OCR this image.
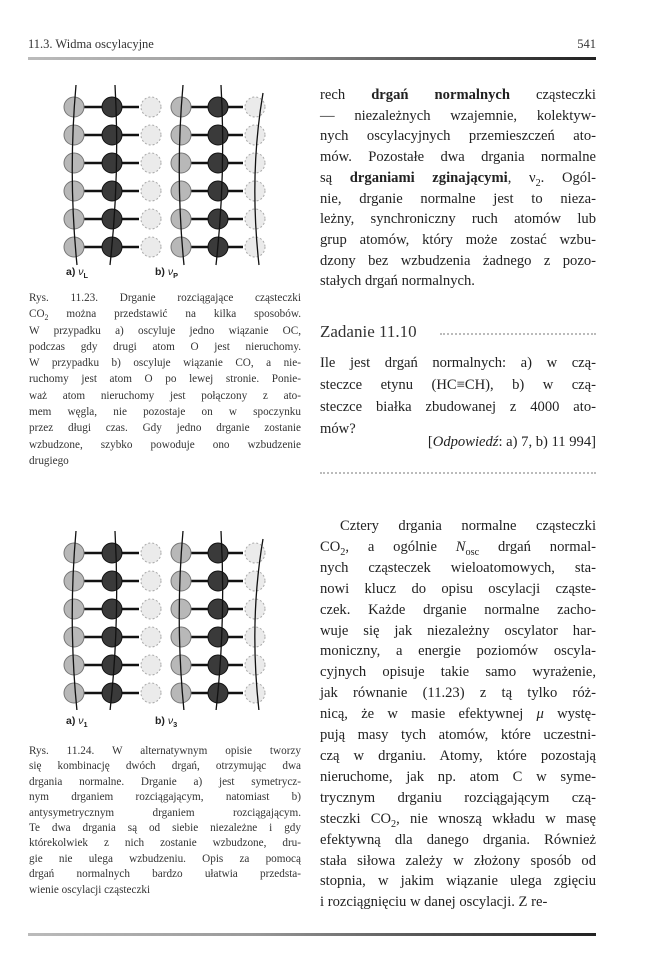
11.3. Widma oscylacyjne	541
a) $\nu_L$	b) $\nu_P$
rech drgań normalnych cząsteczki
— niezależnych wzajemnie, kolektyw-
nych oscylacyjnych przemieszczeń ato-
mów. Pozostałe dwa drgania normalne
są drganiami zginającymi, $\nu_2$. Ogól-
nie, drganie normalne jest to nieza-
leżny, synchroniczny ruch atomów lub
grup atomów, który może zostać wzbu-
dzony bez wzbudzenia żadnego z pozo-
stałych drgań normalnych.
Rys. 11.23. Drganie rozciągające cząsteczki
$CO_2$ można przedstawić na kilka sposobów.
W przypadku a) oscyluje jedno wiązanie OC,
podczas gdy drugi atom O jest nieruchomy.
W przypadku b) oscyluje wiązanie CO, a nie-
ruchomy jest atom O po lewej stronie. Ponie-
waż atom nieruchomy jest połączony z ato-
mem węgla, nie pozostaje on w spoczynku
przez długi czas. Gdy jedno drganie zostanie
wzbudzone, szybko powoduje ono wzbudzenie
drugiego
Zadanie 11.10
Ile jest drgań normalnych: a) w czą-
steczce etynu (HC≡CH), b) w czą-
steczce białka zbudowanej z 4000 ato-
mów?
[Odpowiedź: a) 7, b) 11 994]
a) $\nu_1$	b) $\nu_3$
Cztery drgania normalne cząsteczki
$CO_2$, a ogólnie $N_{osc}$ drgań normal-
nych cząsteczek wieloatomowych, sta-
nowi klucz do opisu oscylacji cząste-
czek. Każde drganie normalne zacho-
wuje się jak niezależny oscylator har-
moniczny, a energie poziomów oscyla-
cyjnych opisuje takie samo wyrażenie,
jak równanie (11.23) z tą tylko róż-
nicą, że w masie efektywnej μ wystę-
pują masy tych atomów, które uczestni-
czą w drganiu. Atomy, które pozostają
nieruchome, jak np. atom C w syme-
trycznym drganiu rozciągającym czą-
steczki $CO_2$, nie wnoszą wkładu w masę
efektywną dla danego drgania. Również
stała siłowa zależy w złożony sposób od
stopnia, w jakim wiązanie ulega zgięciu
i rozciągnięciu w danej oscylacji. Z re-
Rys. 11.24. W alternatywnym opisie tworzy
się kombinację dwóch drgań, otrzymując dwa
drgania normalne. Drganie a) jest symetrycz-
nym drganiem rozciągającym, natomiast b)
antysymetrycznym drganiem rozciągającym.
Te dwa drgania są od siebie niezależne i gdy
którekolwiek z nich zostanie wzbudzone, dru-
gie nie ulega wzbudzeniu. Opis za pomocą
drgań normalnych bardzo ułatwia przedsta-
wienie oscylacji cząsteczki
